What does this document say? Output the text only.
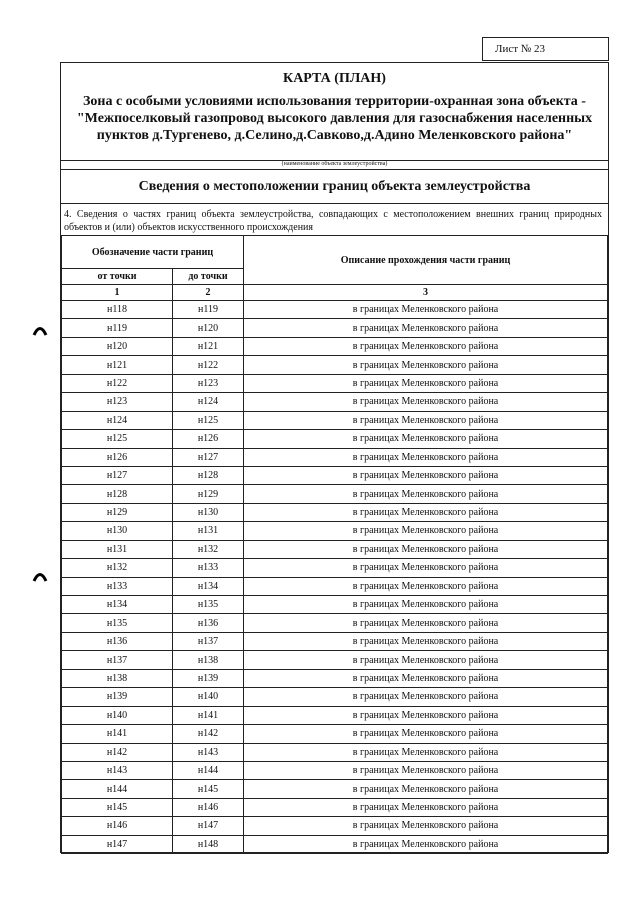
Лист № 23
КАРТА (ПЛАН)
Зона с особыми условиями использования территории-охранная зона объекта -"Межпоселковый газопровод высокого давления для газоснабжения населенных пунктов д.Тургенево, д.Селино,д.Савково,д.Адино Меленковского района"
(наименование объекта землеустройства)
Сведения о местоположении границ объекта землеустройства
4. Сведения о частях границ объекта землеустройства, совпадающих с местоположением внешних границ природных объектов и (или) объектов искусственного происхождения
Обозначение части границ		Описание прохождения части границ
от точки	до точки	
1	2	3
н118	н119	в границах Меленковского района
н119	н120	в границах Меленковского района
н120	н121	в границах Меленковского района
н121	н122	в границах Меленковского района
н122	н123	в границах Меленковского района
н123	н124	в границах Меленковского района
н124	н125	в границах Меленковского района
н125	н126	в границах Меленковского района
н126	н127	в границах Меленковского района
н127	н128	в границах Меленковского района
н128	н129	в границах Меленковского района
н129	н130	в границах Меленковского района
н130	н131	в границах Меленковского района
н131	н132	в границах Меленковского района
н132	н133	в границах Меленковского района
н133	н134	в границах Меленковского района
н134	н135	в границах Меленковского района
н135	н136	в границах Меленковского района
н136	н137	в границах Меленковского района
н137	н138	в границах Меленковского района
н138	н139	в границах Меленковского района
н139	н140	в границах Меленковского района
н140	н141	в границах Меленковского района
н141	н142	в границах Меленковского района
н142	н143	в границах Меленковского района
н143	н144	в границах Меленковского района
н144	н145	в границах Меленковского района
н145	н146	в границах Меленковского района
н146	н147	в границах Меленковского района
н147	н148	в границах Меленковского района
